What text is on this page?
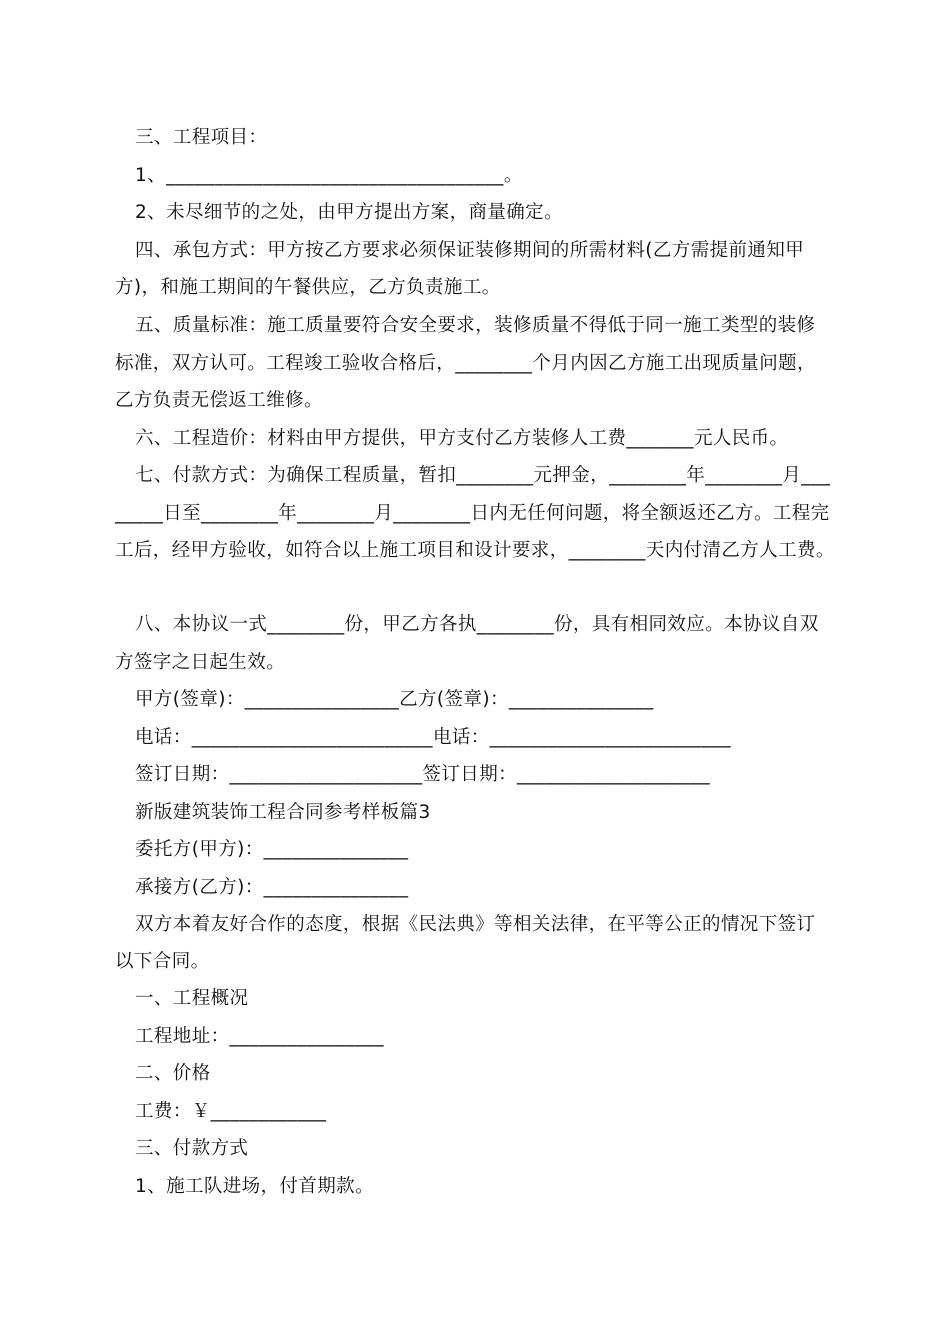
三、工程项目：
1、___________________________________。
2、未尽细节的之处，由甲方提出方案，商量确定。
四、承包方式：甲方按乙方要求必须保证装修期间的所需材料(乙方需提前通知甲
方)，和施工期间的午餐供应，乙方负责施工。
五、质量标准：施工质量要符合安全要求，装修质量不得低于同一施工类型的装修
标准，双方认可。工程竣工验收合格后，________个月内因乙方施工出现质量问题，
乙方负责无偿返工维修。
六、工程造价：材料由甲方提供，甲方支付乙方装修人工费_______元人民币。
七、付款方式：为确保工程质量，暂扣________元押金，________年________月___
_____日至________年________月________日内无任何问题，将全额返还乙方。工程完
工后，经甲方验收，如符合以上施工项目和设计要求，________天内付清乙方人工费。
八、本协议一式________份，甲乙方各执________份，具有相同效应。本协议自双
方签字之日起生效。
甲方(签章)：________________乙方(签章)：_______________
电话：_________________________电话：_________________________
签订日期：____________________签订日期：____________________
新版建筑装饰工程合同参考样板篇3
委托方(甲方)：_______________
承接方(乙方)：_______________
双方本着友好合作的态度，根据《民法典》等相关法律，在平等公正的情况下签订
以下合同。
一、工程概况
工程地址：________________
二、价格
工费：￥____________
三、付款方式
1、施工队进场，付首期款。
